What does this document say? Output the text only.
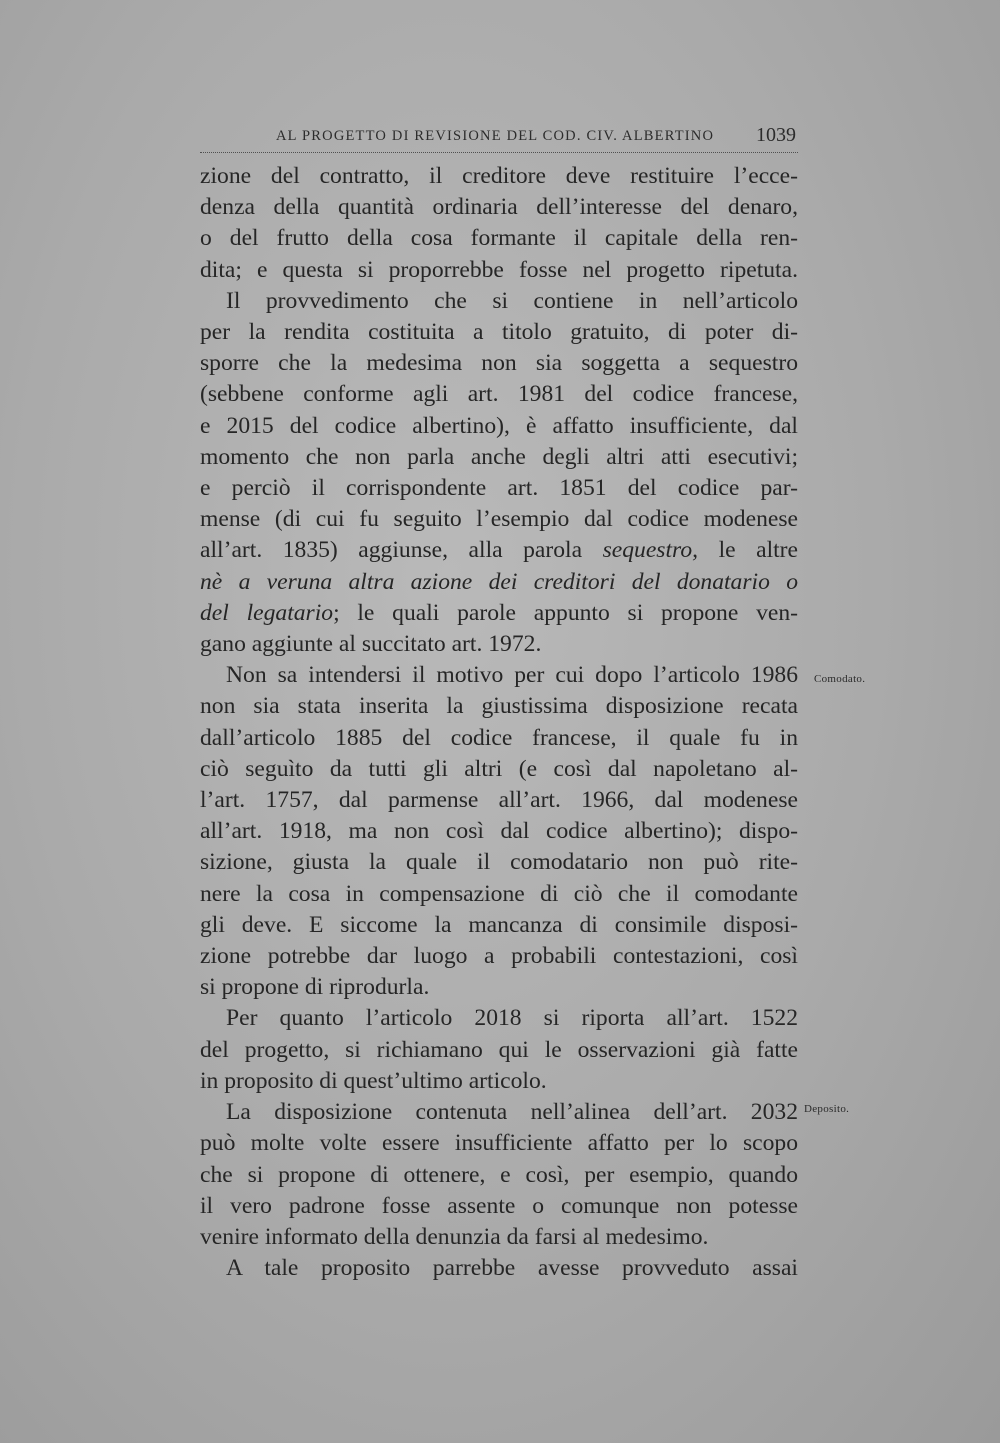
AL PROGETTO DI REVISIONE DEL COD. CIV. ALBERTINO 1039
zione del contratto, il creditore deve restituire l’ecce-
denza della quantità ordinaria dell’interesse del denaro,
o del frutto della cosa formante il capitale della ren-
dita; e questa si proporrebbe fosse nel progetto ripetuta.
Il provvedimento che si contiene in nell’articolo
per la rendita costituita a titolo gratuito, di poter di-
sporre che la medesima non sia soggetta a sequestro
(sebbene conforme agli art. 1981 del codice francese,
e 2015 del codice albertino), è affatto insufficiente, dal
momento che non parla anche degli altri atti esecutivi;
e perciò il corrispondente art. 1851 del codice par-
mense (di cui fu seguito l’esempio dal codice modenese
all’art. 1835) aggiunse, alla parola sequestro, le altre
nè a veruna altra azione dei creditori del donatario o
del legatario; le quali parole appunto si propone ven-
gano aggiunte al succitato art. 1972.
Non sa intendersi il motivo per cui dopo l’articolo 1986
non sia stata inserita la giustissima disposizione recata
dall’articolo 1885 del codice francese, il quale fu in
ciò seguìto da tutti gli altri (e così dal napoletano al-
l’art. 1757, dal parmense all’art. 1966, dal modenese
all’art. 1918, ma non così dal codice albertino); dispo-
sizione, giusta la quale il comodatario non può rite-
nere la cosa in compensazione di ciò che il comodante
gli deve. E siccome la mancanza di consimile disposi-
zione potrebbe dar luogo a probabili contestazioni, così
si propone di riprodurla.
Per quanto l’articolo 2018 si riporta all’art. 1522
del progetto, si richiamano qui le osservazioni già fatte
in proposito di quest’ultimo articolo.
La disposizione contenuta nell’alinea dell’art. 2032
può molte volte essere insufficiente affatto per lo scopo
che si propone di ottenere, e così, per esempio, quando
il vero padrone fosse assente o comunque non potesse
venire informato della denunzia da farsi al medesimo.
A tale proposito parrebbe avesse provveduto assai
Comodato.
Deposito.
